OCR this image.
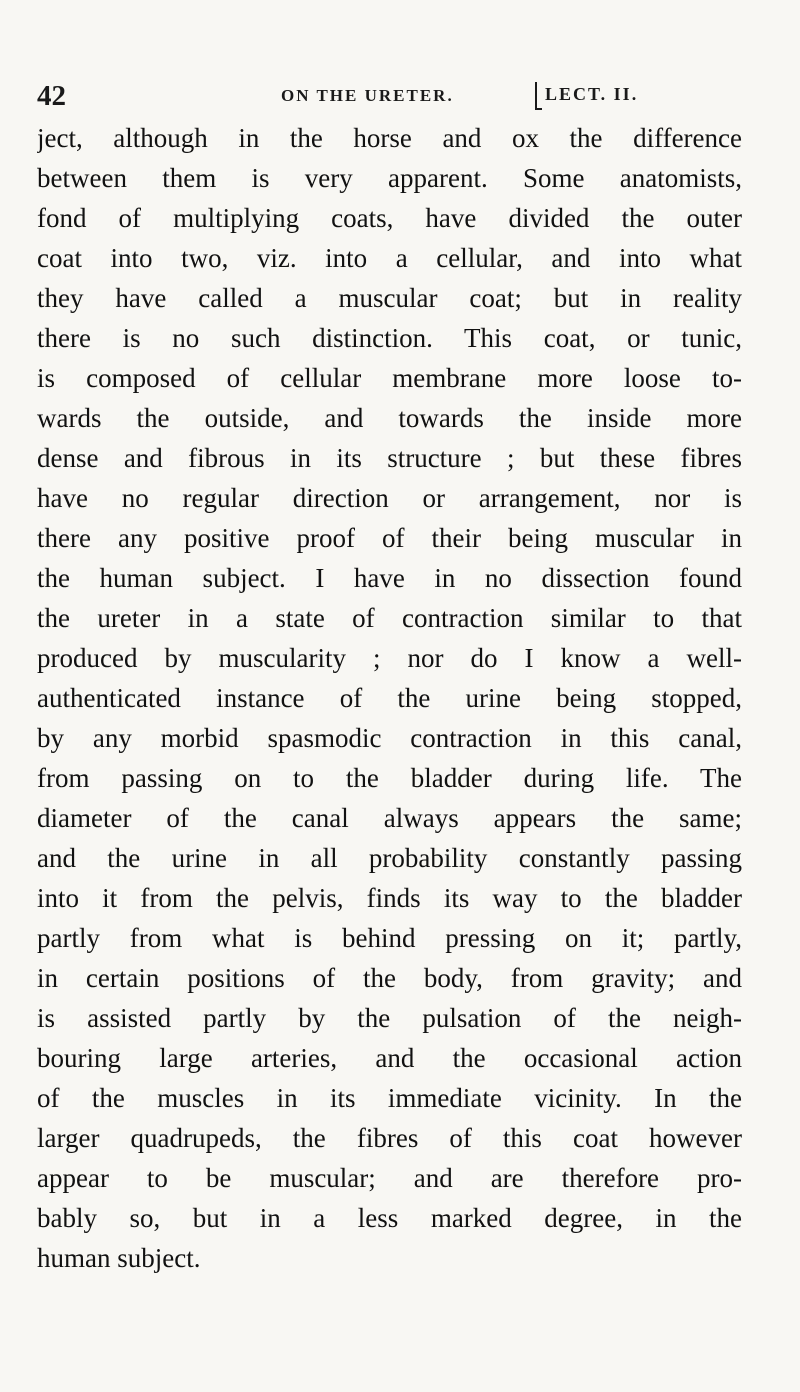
42	ON THE URETER.	LECT. II.
ject, although in the horse and ox the difference
between them is very apparent. Some anatomists,
fond of multiplying coats, have divided the outer
coat into two, viz. into a cellular, and into what
they have called a muscular coat; but in reality
there is no such distinction. This coat, or tunic,
is composed of cellular membrane more loose to-
wards the outside, and towards the inside more
dense and fibrous in its structure ; but these fibres
have no regular direction or arrangement, nor is
there any positive proof of their being muscular in
the human subject. I have in no dissection found
the ureter in a state of contraction similar to that
produced by muscularity ; nor do I know a well-
authenticated instance of the urine being stopped,
by any morbid spasmodic contraction in this canal,
from passing on to the bladder during life. The
diameter of the canal always appears the same;
and the urine in all probability constantly passing
into it from the pelvis, finds its way to the bladder
partly from what is behind pressing on it; partly,
in certain positions of the body, from gravity; and
is assisted partly by the pulsation of the neigh-
bouring large arteries, and the occasional action
of the muscles in its immediate vicinity. In the
larger quadrupeds, the fibres of this coat however
appear to be muscular; and are therefore pro-
bably so, but in a less marked degree, in the
human subject.
